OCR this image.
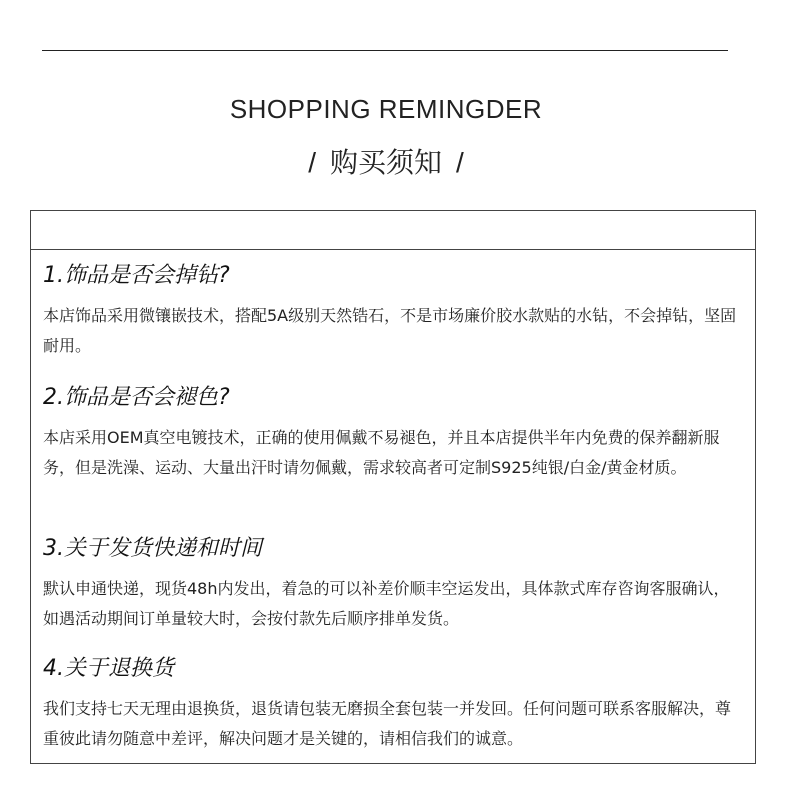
SHOPPING REMINGDER
/ 购买须知 /
1.饰品是否会掉钻?
本店饰品采用微镶嵌技术，搭配5A级别天然锆石，不是市场廉价胶水款贴的水钻，不会掉钻，坚固耐用。
2.饰品是否会褪色?
本店采用OEM真空电镀技术，正确的使用佩戴不易褪色，并且本店提供半年内免费的保养翻新服务，但是洗澡、运动、大量出汗时请勿佩戴，需求较高者可定制S925纯银/白金/黄金材质。
3.关于发货快递和时间
默认申通快递，现货48h内发出，着急的可以补差价顺丰空运发出，具体款式库存咨询客服确认，如遇活动期间订单量较大时，会按付款先后顺序排单发货。
4.关于退换货
我们支持七天无理由退换货，退货请包装无磨损全套包装一并发回。任何问题可联系客服解决，尊重彼此请勿随意中差评，解决问题才是关键的，请相信我们的诚意。
